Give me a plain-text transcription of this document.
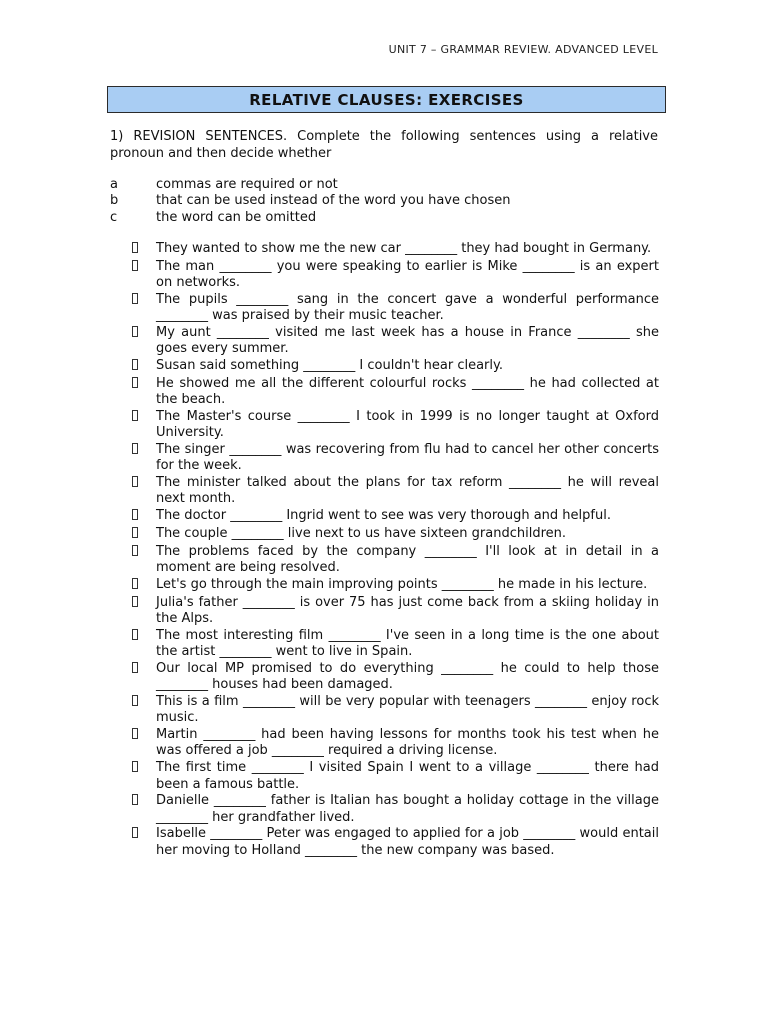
UNIT 7 – GRAMMAR REVIEW. ADVANCED LEVEL
RELATIVE CLAUSES: EXERCISES

1) REVISION SENTENCES. Complete the following sentences using a relative pronoun and then decide whether

a	commas are required or not
b	that can be used instead of the word you have chosen
c	the word can be omitted
They wanted to show me the new car ________ they had bought in Germany.
The man ________ you were speaking to earlier is Mike ________ is an expert on networks.
The pupils ________ sang in the concert gave a wonderful performance ________ was praised by their music teacher.
My aunt ________ visited me last week has a house in France ________ she goes every summer.
Susan said something ________ I couldn't hear clearly.
He showed me all the different colourful rocks ________ he had collected at the beach.
The Master's course ________ I took in 1999 is no longer taught at Oxford University.
The singer ________ was recovering from flu had to cancel her other concerts for the week.
The minister talked about the plans for tax reform ________ he will reveal next month.
The doctor ________ Ingrid went to see was very thorough and helpful.
The couple ________ live next to us have sixteen grandchildren.
The problems faced by the company ________ I'll look at in detail in a moment are being resolved.
Let's go through the main improving points ________ he made in his lecture.
Julia's father ________ is over 75 has just come back from a skiing holiday in the Alps.
The most interesting film ________ I've seen in a long time is the one about the artist ________ went to live in Spain.
Our local MP promised to do everything ________ he could to help those ________ houses had been damaged.
This is a film ________ will be very popular with teenagers ________ enjoy rock music.
Martin ________ had been having lessons for months took his test when he was offered a job ________ required a driving license.
The first time ________ I visited Spain I went to a village ________ there had been a famous battle.
Danielle ________ father is Italian has bought a holiday cottage in the village ________ her grandfather lived.
Isabelle ________ Peter was engaged to applied for a job ________ would entail her moving to Holland ________ the new company was based.
